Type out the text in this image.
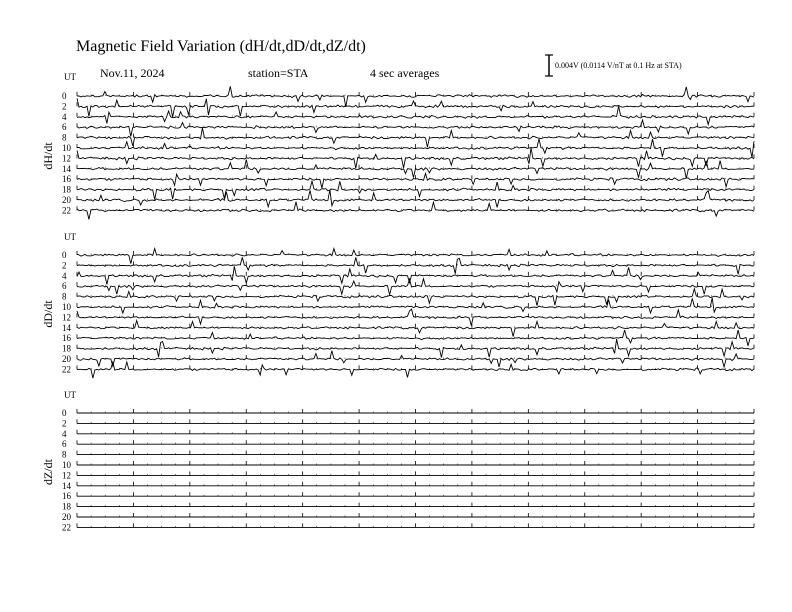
Magnetic Field Variation (dH/dt,dD/dt,dZ/dt)
Nov.11, 2024	station=STA	4 sec averages
0.004V (0.0114 V/nT at 0.1 Hz at STA)
UT
dH/dt
0
2
4
6
8
10
12
14
16
18
20
22
UT
dD/dt
0
2
4
6
8
10
12
14
16
18
20
22
UT
dZ/dt
0
2
4
6
8
10
12
14
16
18
20
22
